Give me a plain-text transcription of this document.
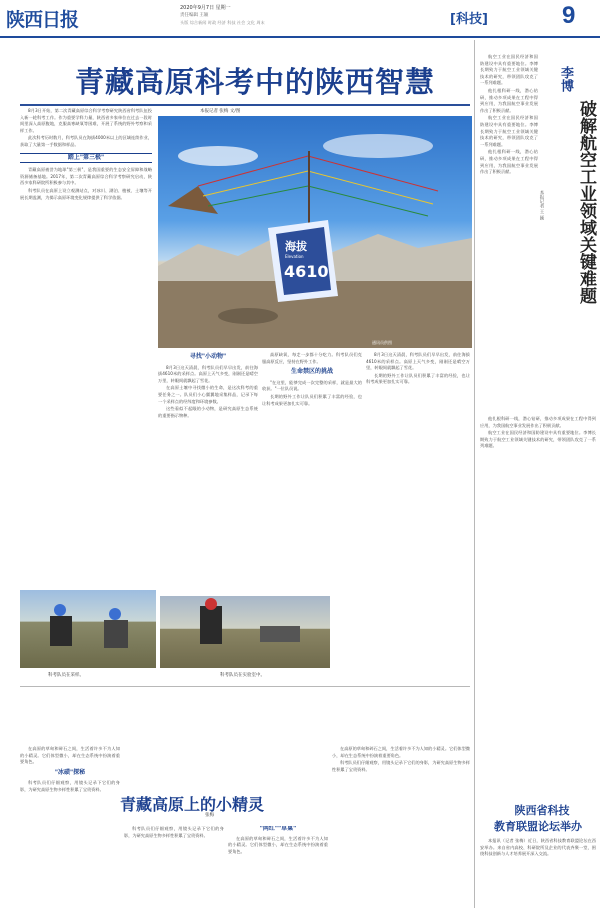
陕西日报
2020年9月7日 星期一
责任编辑 王颖
头版 综合新闻 时政 经济 科技 社会 文化 周末	[科技]	9
青藏高原科考中的陕西智慧

8月3日开始，第二次青藏高原综合科学考察研究陕西省科考队伍投入新一轮科考工作。作为重要学科力量，陕西省多家单位在过去一段时间里深入高原腹地，克服高寒缺氧等困难，开展了系统的野外考察和采样工作。

此次科考历时数月，科考队员在海拔4000米以上的区域连续作业，获取了大量第一手数据和样品。

踏上"第三极"

青藏高原被誉为地球"第三极"，是我国重要的生态安全屏障和战略资源储备基地。2017年，第二次青藏高原综合科学考察研究启动，陕西多家科研院所积极参与其中。

科考队员在高原上设立观测站点，对冰川、湖泊、植被、土壤等开展长期监测，为揭示高原环境变化规律提供了科学依据。

本报记者 张梅 文/图
海拔
Elevation
4610
通讯员供图
寻找"小动物"

8月3日这天清晨，科考队员们早早出发，前往海拔4610米的采样点。高原上天气多变，刚刚还是晴空万里，转眼间就飘起了雪花。

在高原土壤中寻找微小的生命，是这次科考的重要任务之一。队员们小心翼翼地采集样品，记录下每一个采样点的经纬度和环境参数。

这些看似不起眼的小动物，是研究高原生态系统的重要指示物种。

高原缺氧，每走一步都十分吃力。科考队员们克服高原反应，坚持在野外工作。

生命禁区的挑战

"在这里，能够完成一次完整的采样，就是最大的收获。"一位队员说。

长期的野外工作让队员们积累了丰富的经验，也让科考成果更加扎实可靠。

8月3日这天清晨，科考队员们早早出发，前往海拔4610米的采样点。高原上天气多变，刚刚还是晴空万里，转眼间就飘起了雪花。

长期的野外工作让队员们积累了丰富的经验，也让科考成果更加扎实可靠。

科考队员在采样。	科考队员在实验室中。
青藏高原上的小精灵
张梅

在高原的草甸和碎石之间，生活着许多不为人知的小精灵。它们体型微小，却在生态系统中扮演着重要角色。

"冰碛"探秘

科考队员们仔细观察，用镜头记录下它们的身影，为研究高原生物多样性积累了宝贵资料。

科考队员们仔细观察，用镜头记录下它们的身影，为研究高原生物多样性积累了宝贵资料。

"网红""草巢"

在高原的草甸和碎石之间，生活着许多不为人知的小精灵。它们体型微小，却在生态系统中扮演着重要角色。

在高原的草甸和碎石之间，生活着许多不为人知的小精灵。它们体型微小，却在生态系统中扮演着重要角色。

科考队员们仔细观察，用镜头记录下它们的身影，为研究高原生物多样性积累了宝贵资料。

李博
破解航空工业领域关键难题
本报记者 王 颖

航空工业在国民经济和国防建设中具有重要地位。李博长期致力于航空工业领域关键技术的研究，带领团队攻克了一系列难题。

他扎根科研一线，潜心钻研，推动多项成果在工程中得到应用，为我国航空事业发展作出了积极贡献。

航空工业在国民经济和国防建设中具有重要地位。李博长期致力于航空工业领域关键技术的研究，带领团队攻克了一系列难题。

他扎根科研一线，潜心钻研，推动多项成果在工程中得到应用，为我国航空事业发展作出了积极贡献。

他扎根科研一线，潜心钻研，推动多项成果在工程中得到应用，为我国航空事业发展作出了积极贡献。

航空工业在国民经济和国防建设中具有重要地位。李博长期致力于航空工业领域关键技术的研究，带领团队攻克了一系列难题。

陕西省科技
教育联盟论坛举办

本报讯（记者 张梅）近日，陕西省科技教育联盟论坛在西安举办。来自省内高校、科研院所及企业的代表齐聚一堂，围绕科技创新与人才培养展开深入交流。
